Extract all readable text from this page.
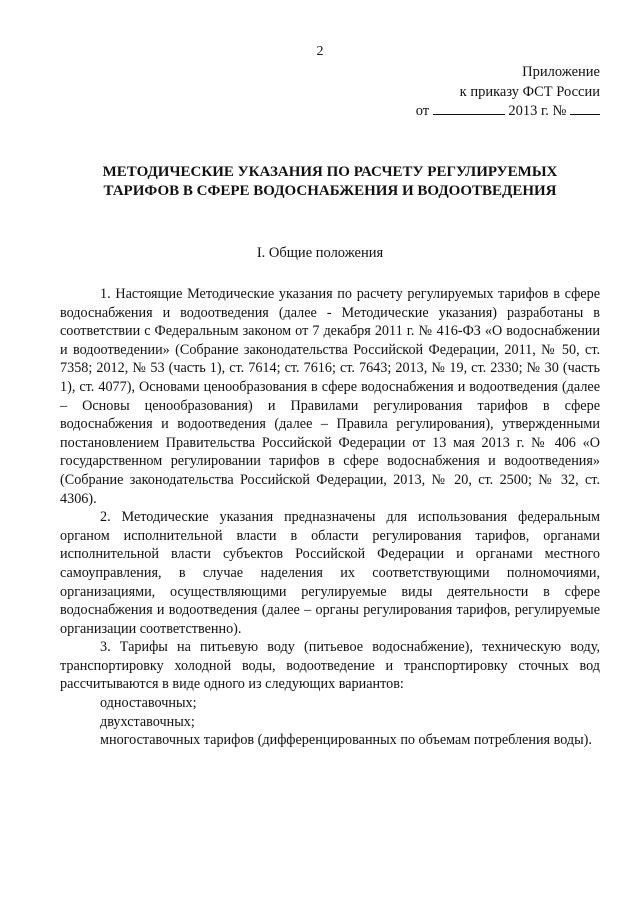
2
Приложение
к приказу ФСТ России
от	2013 г. №
МЕТОДИЧЕСКИЕ УКАЗАНИЯ ПО РАСЧЕТУ РЕГУЛИРУЕМЫХ
ТАРИФОВ В СФЕРЕ ВОДОСНАБЖЕНИЯ И ВОДООТВЕДЕНИЯ
I. Общие положения

1. Настоящие Методические указания по расчету регулируемых тарифов в сфере водоснабжения и водоотведения (далее - Методические указания) разработаны в соответствии с Федеральным законом от 7 декабря 2011 г. № 416-ФЗ «О водоснабжении и водоотведении» (Собрание законодательства Российской Федерации, 2011, № 50, ст. 7358; 2012, № 53 (часть 1), ст. 7614; ст. 7616; ст. 7643; 2013, № 19, ст. 2330; № 30 (часть 1), ст. 4077), Основами ценообразования в сфере водоснабжения и водоотведения (далее – Основы ценообразования) и Правилами регулирования тарифов в сфере водоснабжения и водоотведения (далее – Правила регулирования), утвержденными постановлением Правительства Российской Федерации от 13 мая 2013 г. № 406 «О государственном регулировании тарифов в сфере водоснабжения и водоотведения» (Собрание законодательства Российской Федерации, 2013, № 20, ст. 2500; № 32, ст. 4306).

2. Методические указания предназначены для использования федеральным органом исполнительной власти в области регулирования тарифов, органами исполнительной власти субъектов Российской Федерации и органами местного самоуправления, в случае наделения их соответствующими полномочиями, организациями, осуществляющими регулируемые виды деятельности в сфере водоснабжения и водоотведения (далее – органы регулирования тарифов, регулируемые организации соответственно).

3. Тарифы на питьевую воду (питьевое водоснабжение), техническую воду, транспортировку холодной воды, водоотведение и транспортировку сточных вод рассчитываются в виде одного из следующих вариантов:

одноставочных;

двухставочных;

многоставочных тарифов (дифференцированных по объемам потребления воды).
